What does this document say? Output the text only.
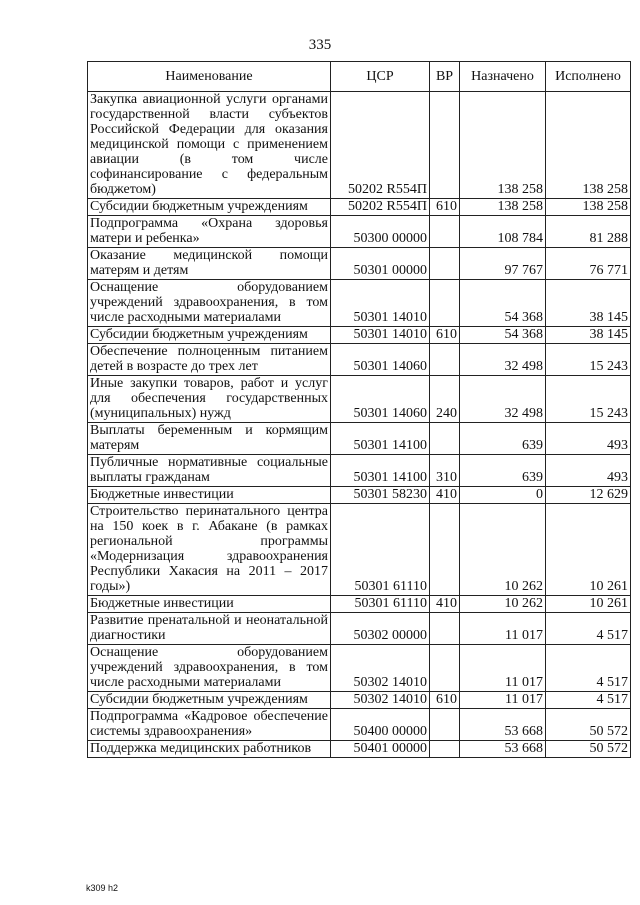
335
Наименование	ЦСР	ВР	Назначено	Исполнено
Закупка авиационной услуги органами государственной власти субъектов Российской Федерации для оказания медицинской помощи с применением авиации (в том числе софинансирование с федеральным бюджетом)	50202 R554П		138 258	138 258
Субсидии бюджетным учреждениям	50202 R554П	610	138 258	138 258
Подпрограмма «Охрана здоровья матери и ребенка»	50300 00000		108 784	81 288
Оказание медицинской помощи матерям и детям	50301 00000		97 767	76 771
Оснащение оборудованием учреждений здравоохранения, в том числе расходными материалами	50301 14010		54 368	38 145
Субсидии бюджетным учреждениям	50301 14010	610	54 368	38 145
Обеспечение полноценным питанием детей в возрасте до трех лет	50301 14060		32 498	15 243
Иные закупки товаров, работ и услуг для обеспечения государственных (муниципальных) нужд	50301 14060	240	32 498	15 243
Выплаты беременным и кормящим матерям	50301 14100		639	493
Публичные нормативные социальные выплаты гражданам	50301 14100	310	639	493
Бюджетные инвестиции	50301 58230	410	0	12 629
Строительство перинатального центра на 150 коек в г. Абакане (в рамках региональной программы «Модернизация здравоохранения Республики Хакасия на 2011 – 2017 годы»)	50301 61110		10 262	10 261
Бюджетные инвестиции	50301 61110	410	10 262	10 261
Развитие пренатальной и неонатальной диагностики	50302 00000		11 017	4 517
Оснащение оборудованием учреждений здравоохранения, в том числе расходными материалами	50302 14010		11 017	4 517
Субсидии бюджетным учреждениям	50302 14010	610	11 017	4 517
Подпрограмма «Кадровое обеспечение системы здравоохранения»	50400 00000		53 668	50 572
Поддержка медицинских работников	50401 00000		53 668	50 572
k309 h2
